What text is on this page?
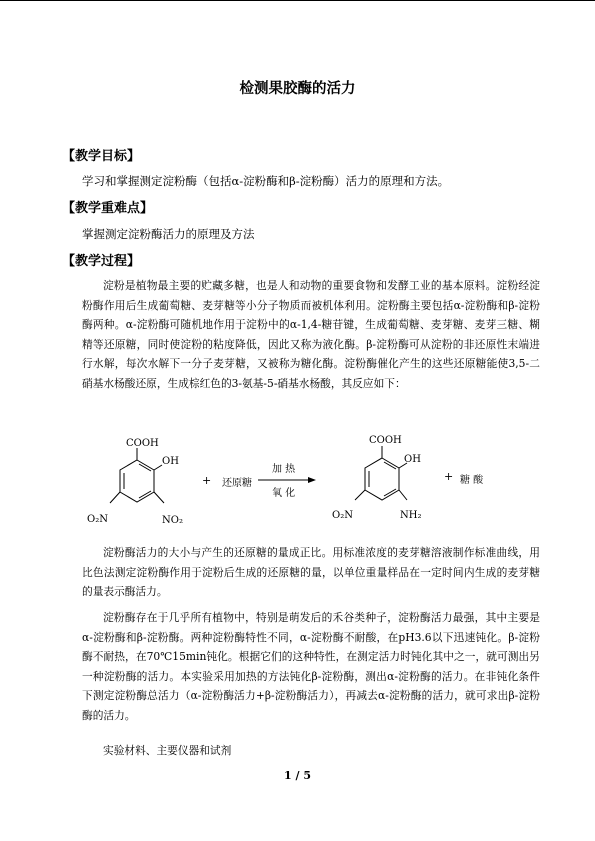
检测果胶酶的活力
【教学目标】
学习和掌握测定淀粉酶（包括α-淀粉酶和β-淀粉酶）活力的原理和方法。
【教学重难点】
掌握测定淀粉酶活力的原理及方法
【教学过程】

淀粉是植物最主要的贮藏多糖，也是人和动物的重要食物和发酵工业的基本原料。淀粉经淀粉酶作用后生成葡萄糖、麦芽糖等小分子物质而被机体利用。淀粉酶主要包括α-淀粉酶和β-淀粉酶两种。α-淀粉酶可随机地作用于淀粉中的α-1,4-糖苷键，生成葡萄糖、麦芽糖、麦芽三糖、糊精等还原糖，同时使淀粉的粘度降低，因此又称为液化酶。β-淀粉酶可从淀粉的非还原性末端进行水解，每次水解下一分子麦芽糖，又被称为糖化酶。淀粉酶催化产生的这些还原糖能使3,5-二硝基水杨酸还原，生成棕红色的3-氨基-5-硝基水杨酸，其反应如下：

COOH
OH
O₂N	NO₂
+ 还原糖
加 热
氧 化
COOH
OH
O₂N	NH₂
+ 糖 酸

淀粉酶活力的大小与产生的还原糖的量成正比。用标准浓度的麦芽糖溶液制作标准曲线，用比色法测定淀粉酶作用于淀粉后生成的还原糖的量，以单位重量样品在一定时间内生成的麦芽糖的量表示酶活力。

淀粉酶存在于几乎所有植物中，特别是萌发后的禾谷类种子，淀粉酶活力最强，其中主要是α-淀粉酶和β-淀粉酶。两种淀粉酶特性不同，α-淀粉酶不耐酸，在pH3.6以下迅速钝化。β-淀粉酶不耐热，在70℃15min钝化。根据它们的这种特性，在测定活力时钝化其中之一，就可测出另一种淀粉酶的活力。本实验采用加热的方法钝化β-淀粉酶，测出α-淀粉酶的活力。在非钝化条件下测定淀粉酶总活力（α-淀粉酶活力+β-淀粉酶活力），再减去α-淀粉酶的活力，就可求出β-淀粉酶的活力。

实验材料、主要仪器和试剂

1 / 5
